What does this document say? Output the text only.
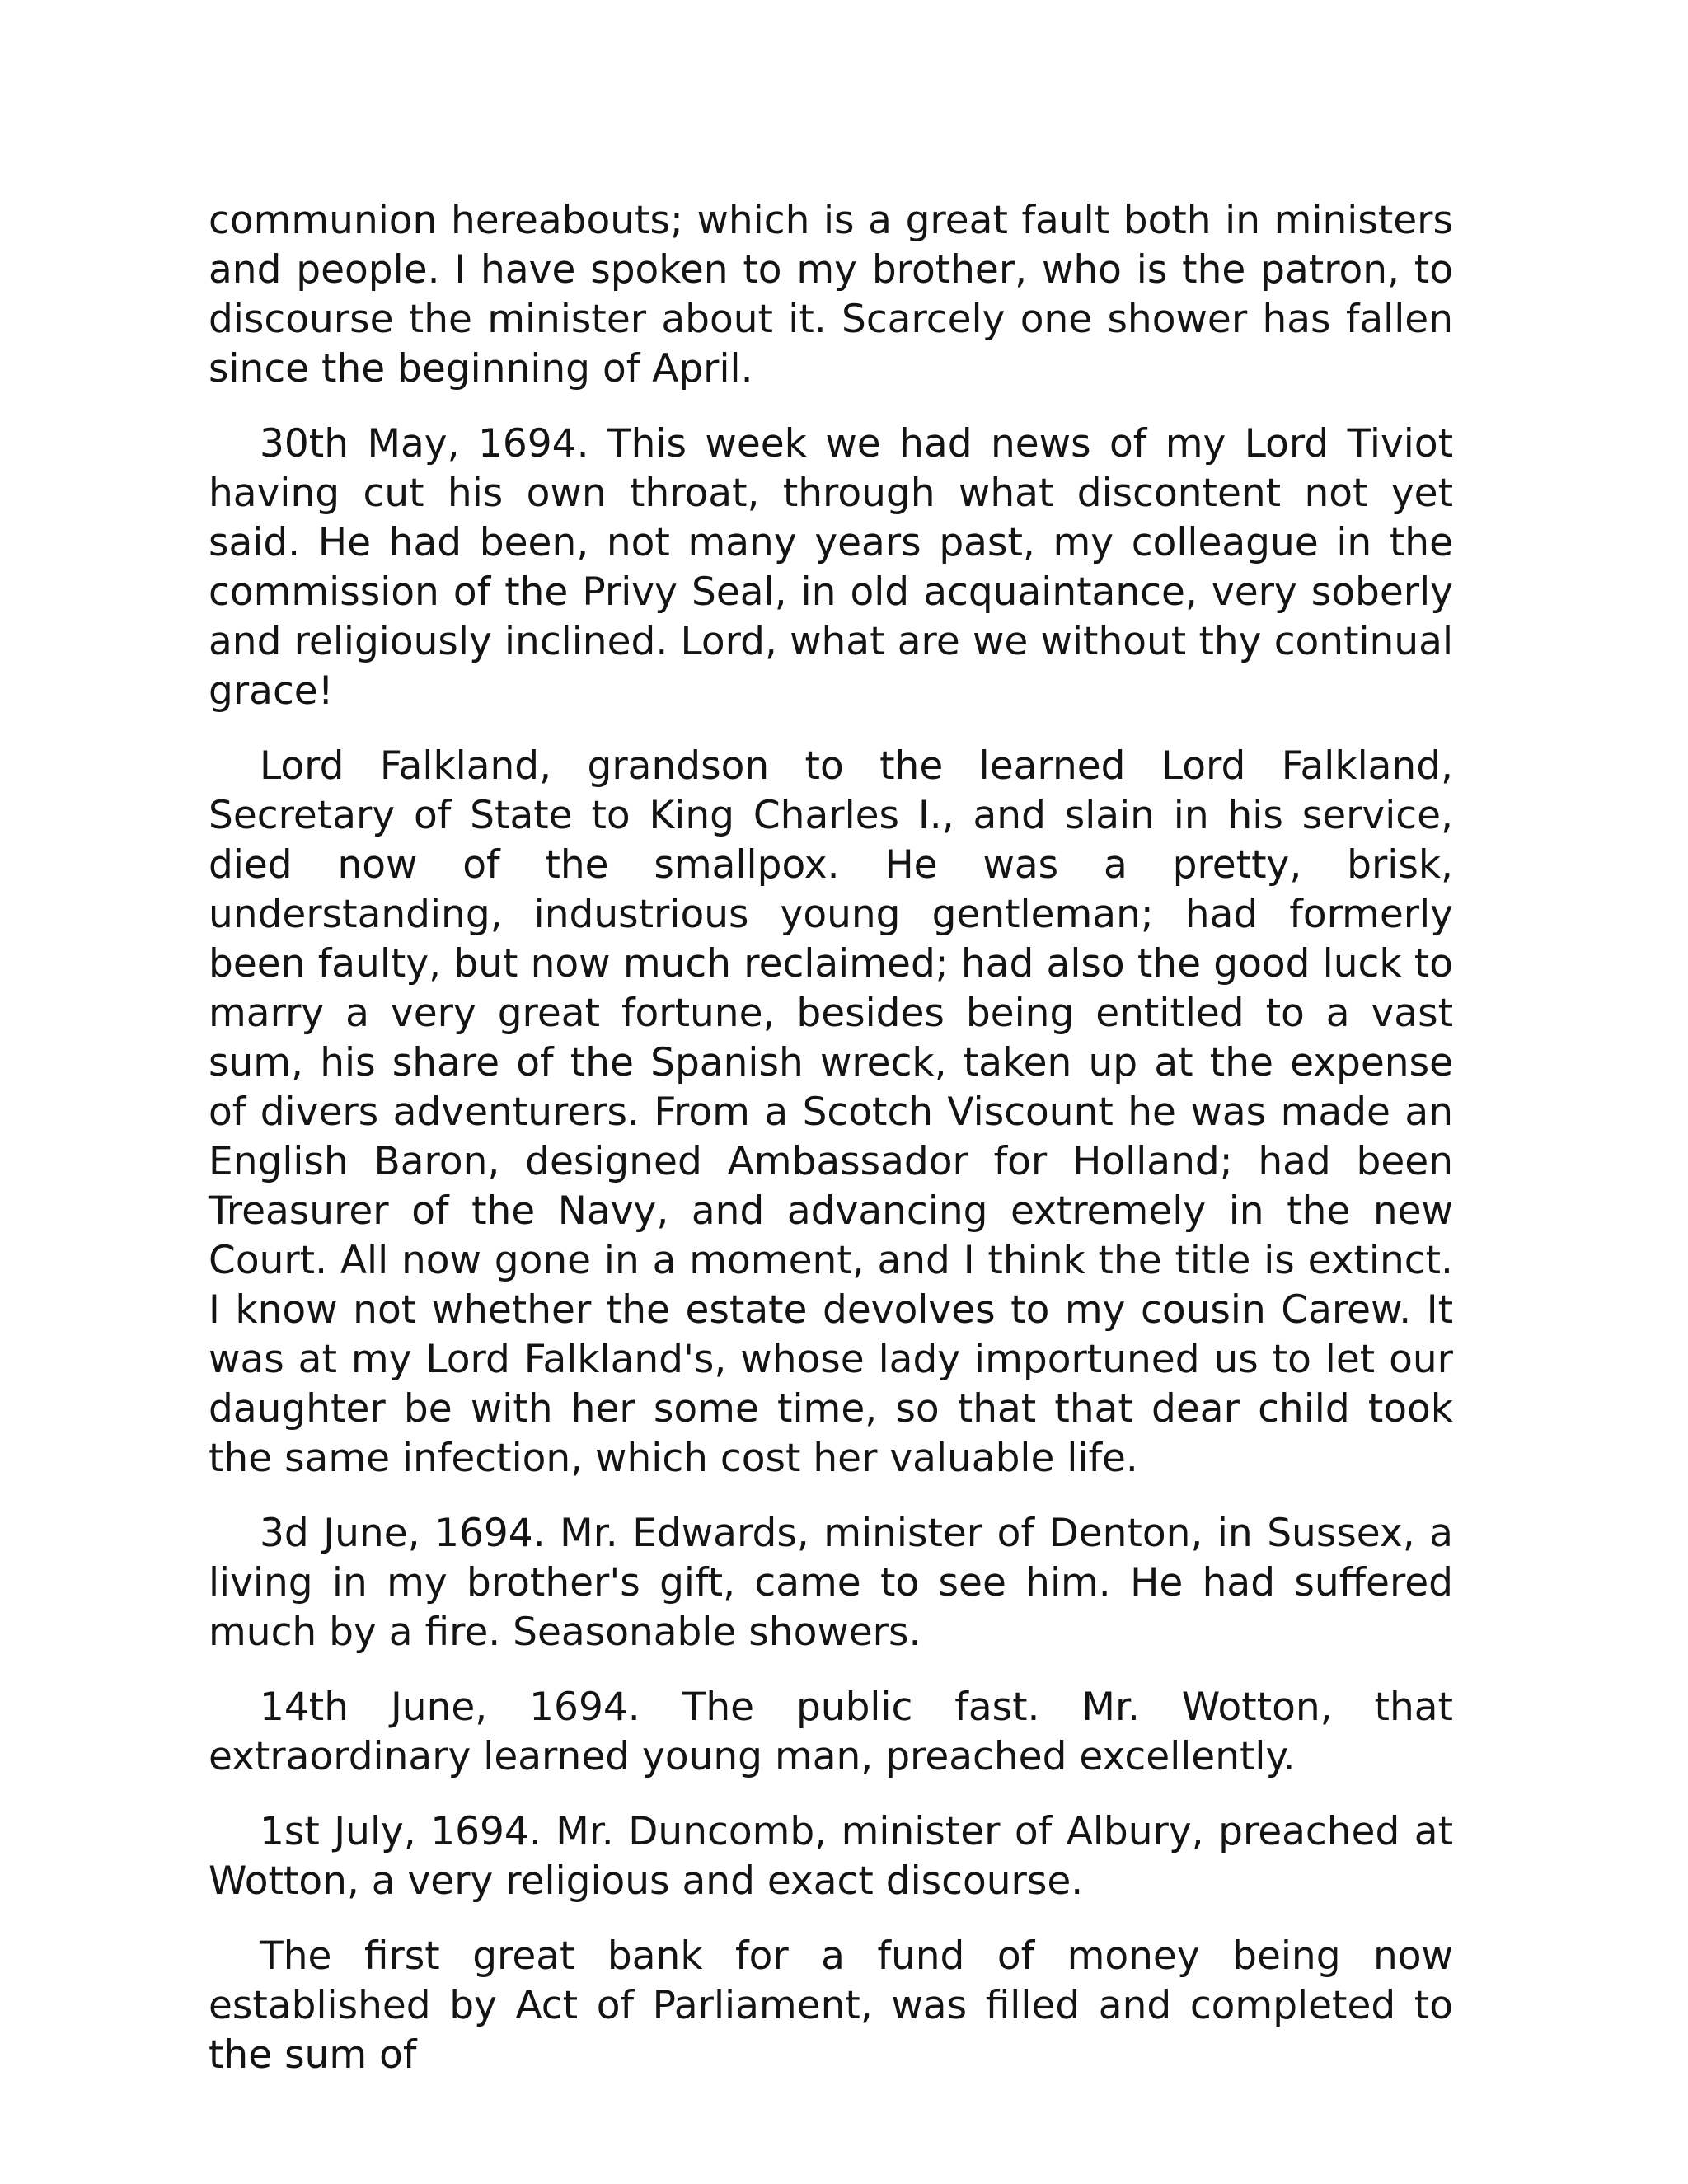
communion hereabouts; which is a great fault both in ministers and people. I have spoken to my brother, who is the patron, to discourse the minister about it. Scarcely one shower has fallen since the beginning of April.

30th May, 1694. This week we had news of my Lord Tiviot having cut his own throat, through what discontent not yet said. He had been, not many years past, my colleague in the commission of the Privy Seal, in old acquaintance, very soberly and religiously inclined. Lord, what are we without thy continual grace!

Lord Falkland, grandson to the learned Lord Falkland, Secretary of State to King Charles I., and slain in his service, died now of the smallpox. He was a pretty, brisk, understanding, industrious young gentleman; had formerly been faulty, but now much reclaimed; had also the good luck to marry a very great fortune, besides being entitled to a vast sum, his share of the Spanish wreck, taken up at the expense of divers adventurers. From a Scotch Viscount he was made an English Baron, designed Ambassador for Holland; had been Treasurer of the Navy, and advancing extremely in the new Court. All now gone in a moment, and I think the title is extinct. I know not whether the estate devolves to my cousin Carew. It was at my Lord Falkland's, whose lady importuned us to let our daughter be with her some time, so that that dear child took the same infection, which cost her valuable life.

3d June, 1694. Mr. Edwards, minister of Denton, in Sussex, a living in my brother's gift, came to see him. He had suffered much by a fire. Seasonable showers.

14th June, 1694. The public fast. Mr. Wotton, that extraordinary learned young man, preached excellently.

1st July, 1694. Mr. Duncomb, minister of Albury, preached at Wotton, a very religious and exact discourse.

The first great bank for a fund of money being now established by Act of Parliament, was filled and completed to the sum of
